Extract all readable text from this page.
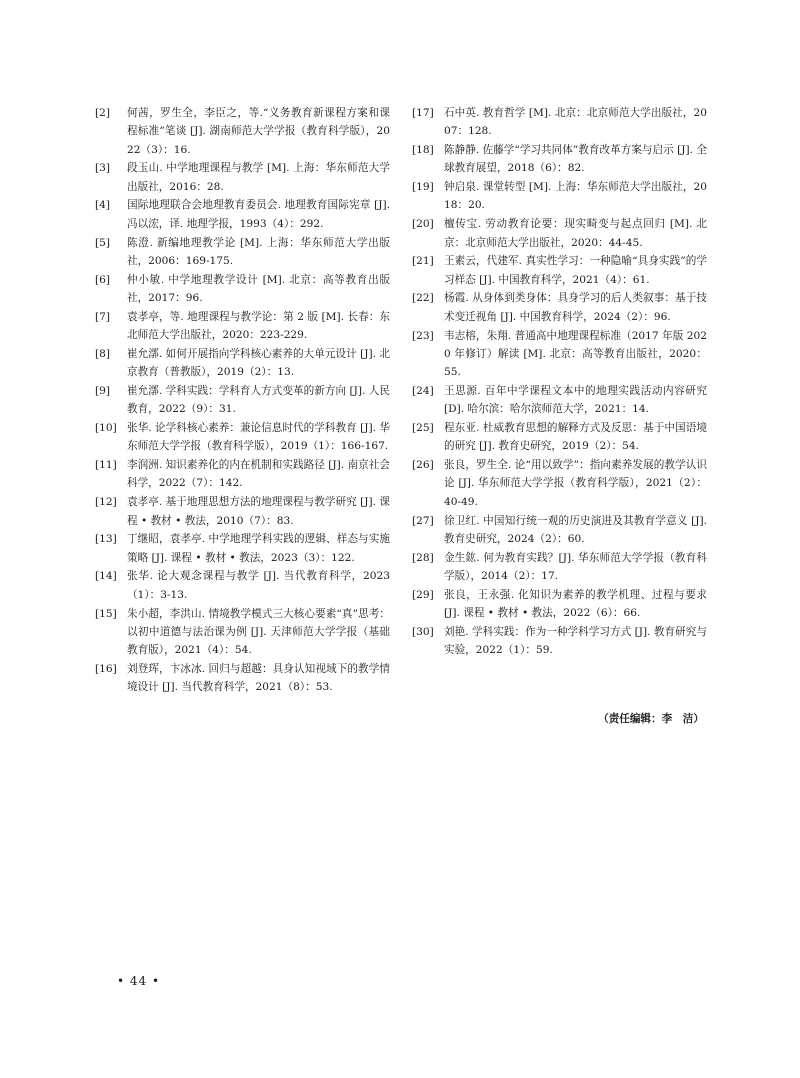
[2]	何茜，罗生全，李臣之，等.“义务教育新课程方案和课程标准”笔谈 [J]. 湖南师范大学学报（教育科学版），2022（3）：16.
[3]	段玉山. 中学地理课程与教学 [M]. 上海：华东师范大学出版社，2016：28.
[4]	国际地理联合会地理教育委员会. 地理教育国际宪章 [J]. 冯以浤，译. 地理学报，1993（4）：292.
[5]	陈澄. 新编地理教学论 [M]. 上海：华东师范大学出版社，2006：169-175.
[6]	仲小敏. 中学地理教学设计 [M]. 北京：高等教育出版社，2017：96.
[7]	袁孝亭，等. 地理课程与教学论：第 2 版 [M]. 长春：东北师范大学出版社，2020：223-229.
[8]	崔允漷. 如何开展指向学科核心素养的大单元设计 [J]. 北京教育（普教版），2019（2）：13.
[9]	崔允漷. 学科实践：学科育人方式变革的新方向 [J]. 人民教育，2022（9）：31.
[10] 张华. 论学科核心素养：兼论信息时代的学科教育 [J]. 华东师范大学学报（教育科学版），2019（1）：166-167.
[11] 李润洲. 知识素养化的内在机制和实践路径 [J]. 南京社会科学，2022（7）：142.
[12] 袁孝亭. 基于地理思想方法的地理课程与教学研究 [J]. 课程 • 教材 • 教法，2010（7）：83.
[13] 丁继昭，袁孝亭. 中学地理学科实践的逻辑、样态与实施策略 [J]. 课程 • 教材 • 教法，2023（3）：122.
[14] 张华. 论大观念课程与教学 [J]. 当代教育科学，2023（1）：3-13.
[15] 朱小超，李洪山. 情境教学模式三大核心要素“真”思考：以初中道德与法治课为例 [J]. 天津师范大学学报（基础教育版），2021（4）：54.
[16] 刘登珲，卞冰冰. 回归与超越：具身认知视域下的教学情境设计 [J]. 当代教育科学，2021（8）：53.
[17] 石中英. 教育哲学 [M]. 北京：北京师范大学出版社，2007：128.
[18] 陈静静. 佐藤学“学习共同体”教育改革方案与启示 [J]. 全球教育展望，2018（6）：82.
[19] 钟启泉. 课堂转型 [M]. 上海：华东师范大学出版社，2018：20.
[20] 檀传宝. 劳动教育论要：现实畸变与起点回归 [M]. 北京：北京师范大学出版社，2020：44-45.
[21] 王素云，代建军. 真实性学习：一种隐喻“具身实践”的学习样态 [J]. 中国教育科学，2021（4）：61.
[22] 杨霞. 从身体到类身体：具身学习的后人类叙事：基于技术变迁视角 [J]. 中国教育科学，2024（2）：96.
[23] 韦志榕，朱翔. 普通高中地理课程标准（2017 年版 2020 年修订）解读 [M]. 北京：高等教育出版社，2020：55.
[24] 王思源. 百年中学课程文本中的地理实践活动内容研究 [D]. 哈尔滨：哈尔滨师范大学，2021：14.
[25] 程东亚. 杜威教育思想的解释方式及反思：基于中国语境的研究 [J]. 教育史研究，2019（2）：54.
[26] 张良，罗生全. 论“用以致学”：指向素养发展的教学认识论 [J]. 华东师范大学学报（教育科学版），2021（2）：40-49.
[27] 徐卫红. 中国知行统一观的历史演进及其教育学意义 [J]. 教育史研究，2024（2）：60.
[28] 金生鈜. 何为教育实践？[J]. 华东师范大学学报（教育科学版），2014（2）：17.
[29] 张良，王永强. 化知识为素养的教学机理、过程与要求 [J]. 课程 • 教材 • 教法，2022（6）：66.
[30] 刘艳. 学科实践：作为一种学科学习方式 [J]. 教育研究与实验，2022（1）：59.
（责任编辑：李　洁）
• 44 •
